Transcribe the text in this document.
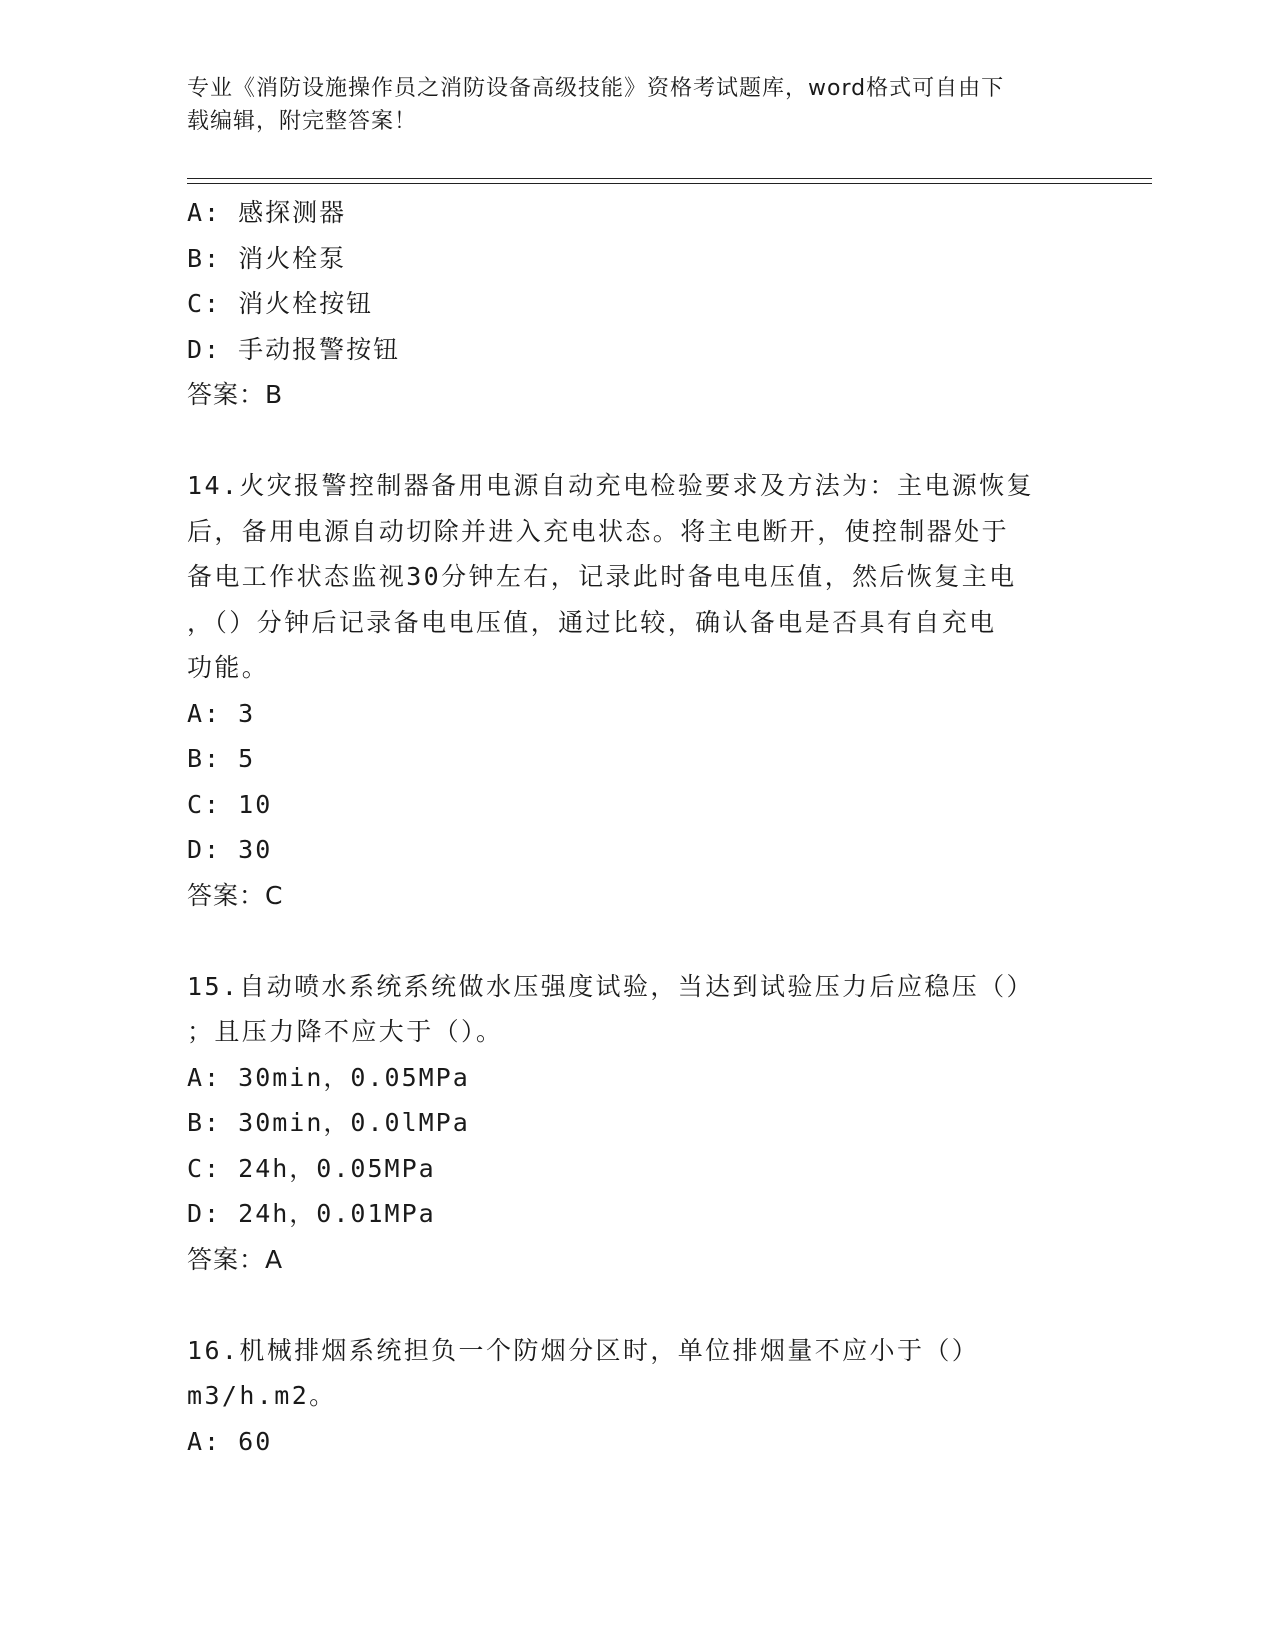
专业《消防设施操作员之消防设备高级技能》资格考试题库，word格式可自由下
载编辑，附完整答案！
A: 感探测器
B: 消火栓泵
C: 消火栓按钮
D: 手动报警按钮
答案：B
14.火灾报警控制器备用电源自动充电检验要求及方法为：主电源恢复
后，备用电源自动切除并进入充电状态。将主电断开，使控制器处于
备电工作状态监视30分钟左右，记录此时备电电压值，然后恢复主电
，（）分钟后记录备电电压值，通过比较，确认备电是否具有自充电
功能。
A: 3
B: 5
C: 10
D: 30
答案：C
15.自动喷水系统系统做水压强度试验，当达到试验压力后应稳压（）
；且压力降不应大于（）。
A: 30min，0.05MPa
B: 30min，0.0lMPa
C: 24h，0.05MPa
D: 24h，0.01MPa
答案：A
16.机械排烟系统担负一个防烟分区时，单位排烟量不应小于（）
m3/h.m2。
A: 60
